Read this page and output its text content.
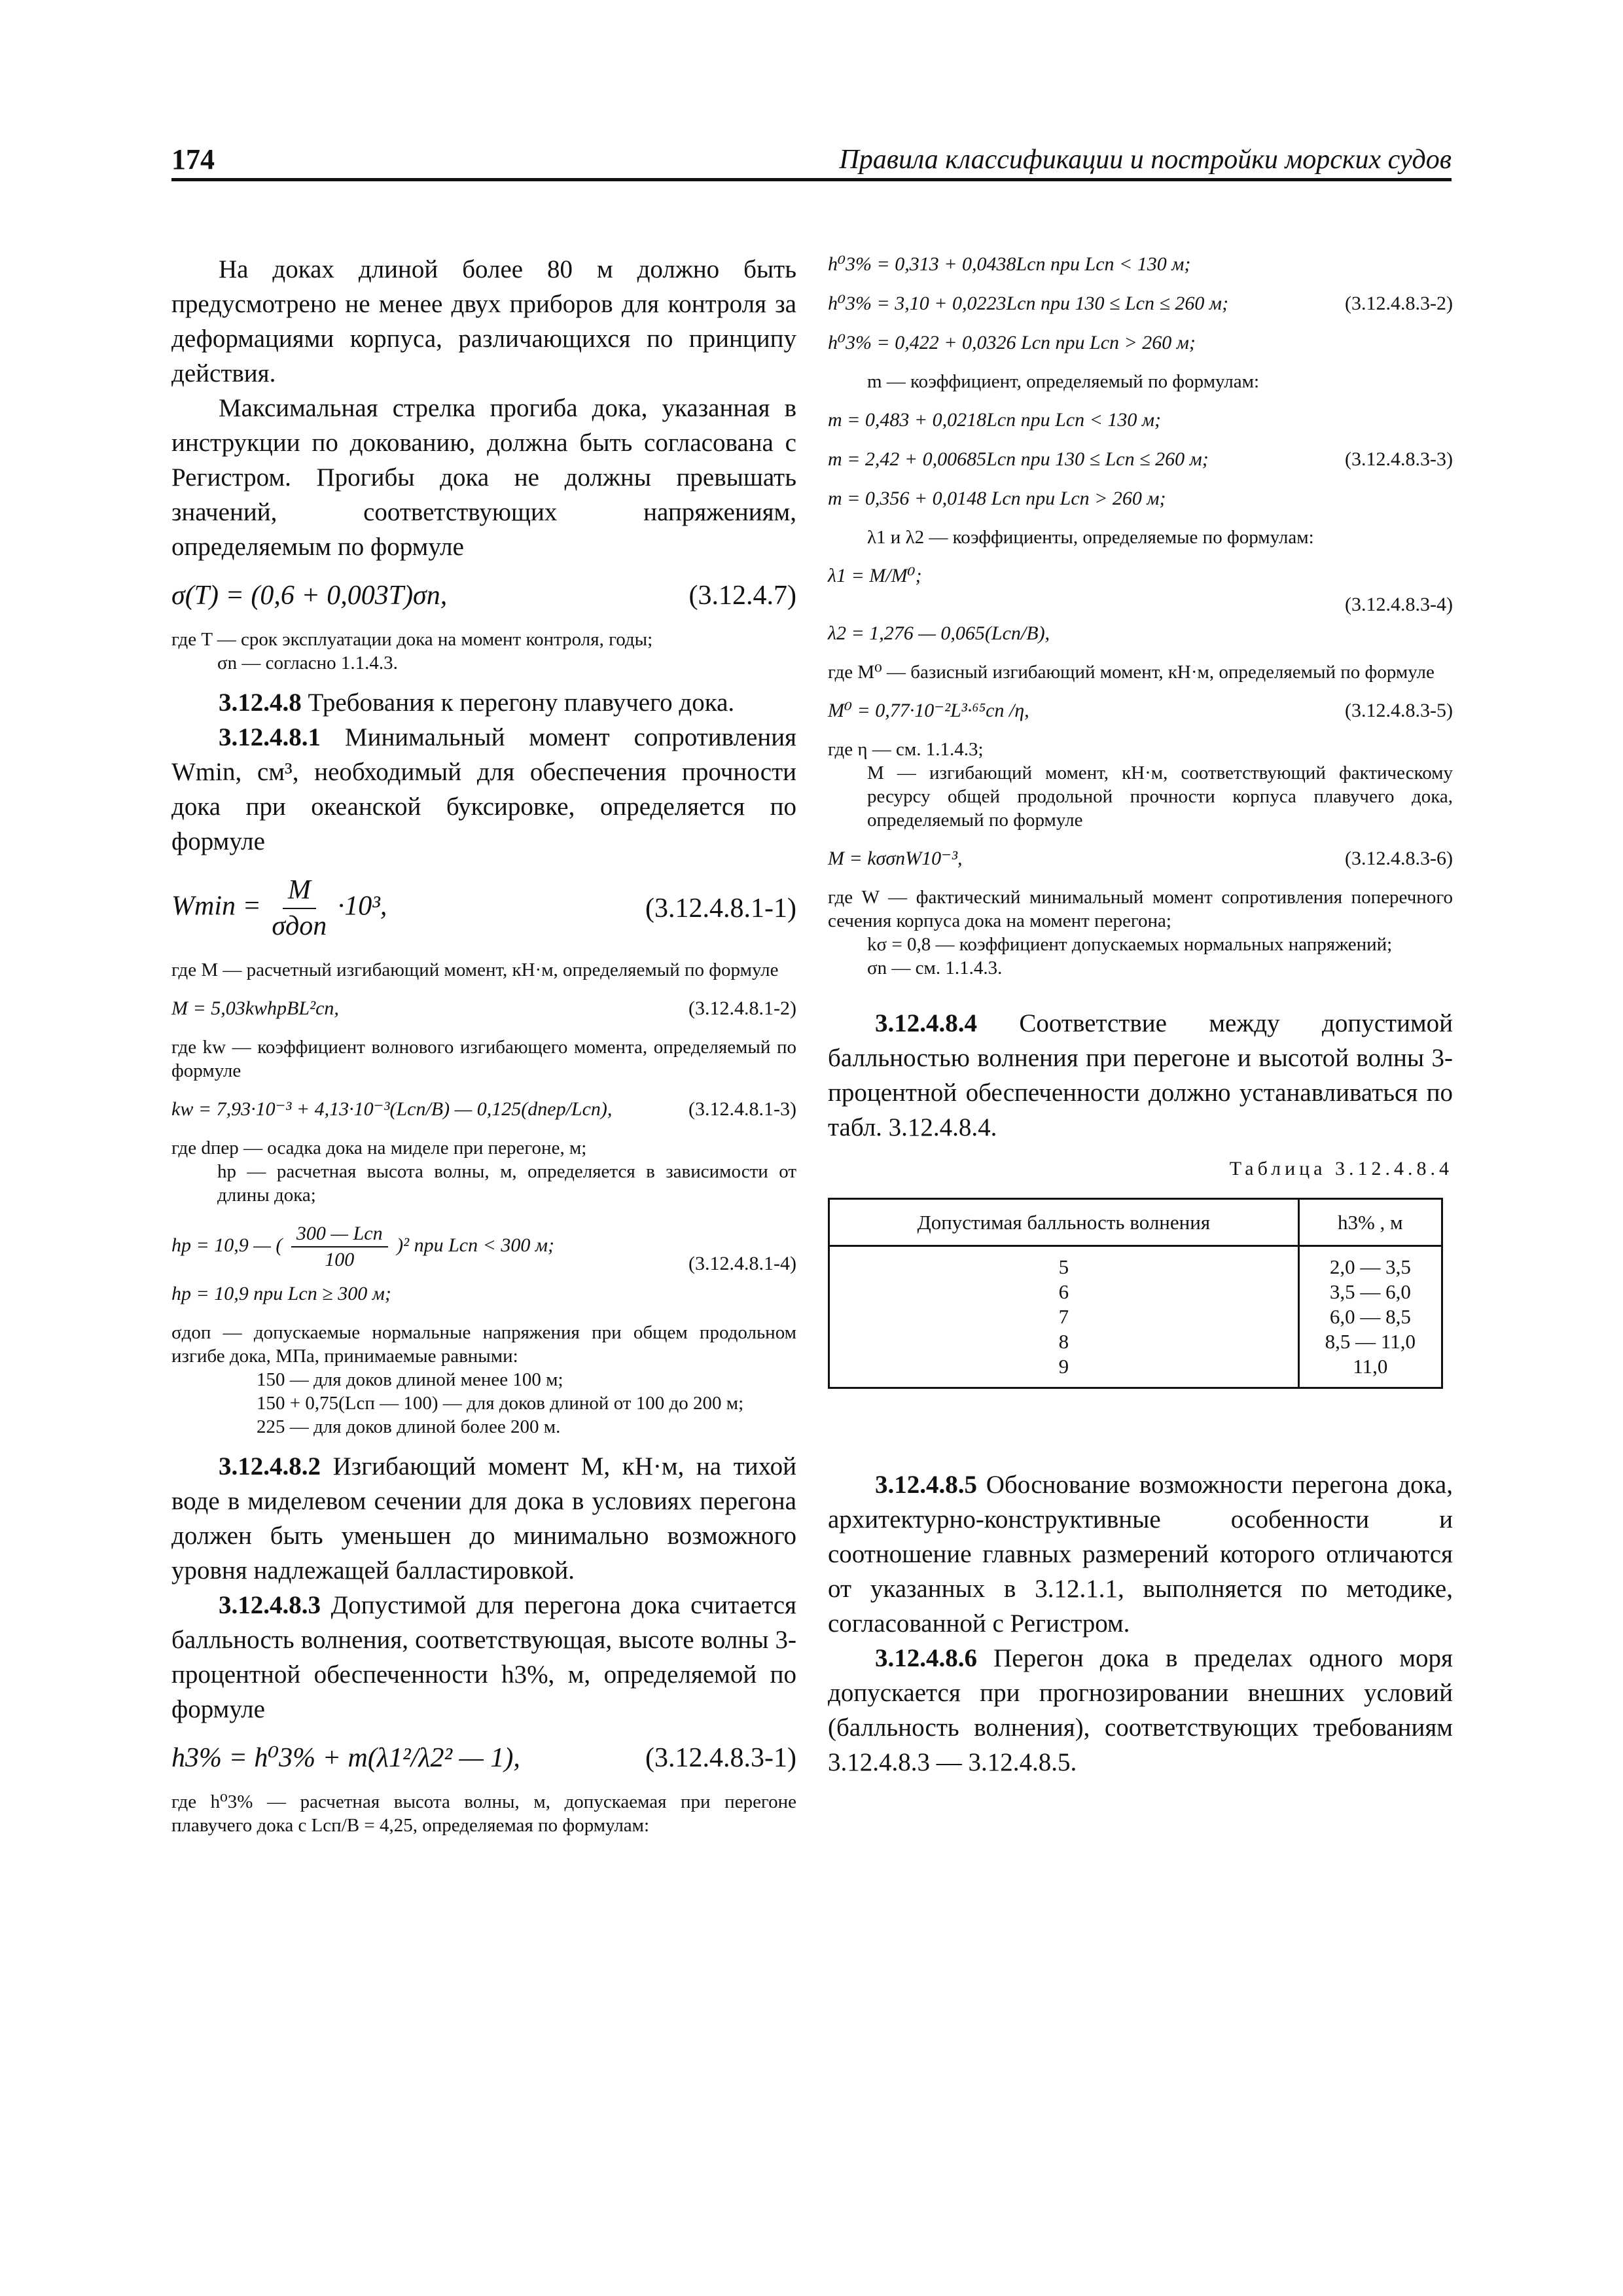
174	Правила классификации и постройки морских судов

На доках длиной более 80 м должно быть предусмотрено не менее двух приборов для контроля за деформациями корпуса, различающихся по принципу действия.

Максимальная стрелка прогиба дока, указанная в инструкции по докованию, должна быть согласована с Регистром. Прогибы дока не должны превышать значений, соответствующих напряжениям, определяемым по формуле

σ(T) = (0,6 + 0,003T)σn,	(3.12.4.7)
где T — срок эксплуатации дока на момент контроля, годы;
σn — согласно 1.1.4.3.

3.12.4.8 Требования к перегону плавучего дока.

3.12.4.8.1 Минимальный момент сопротивления Wmin, см³, необходимый для обеспечения прочности дока при океанской буксировке, определяется по формуле

$Wmin = \frac{M}{\text{σдоп}} \cdot 10^3$,	(3.12.4.8.1-1)
где M — расчетный изгибающий момент, кН·м, определяемый по формуле
M = 5,03kwhpBL²сп,	(3.12.4.8.1-2)
где kw — коэффициент волнового изгибающего момента, определяемый по формуле
kw = 7,93·10⁻³ + 4,13·10⁻³(Lсп/B) — 0,125(dпер/Lсп),	(3.12.4.8.1-3)
где dпер — осадка дока на миделе при перегоне, м;
hp — расчетная высота волны, м, определяется в зависимости от длины дока;
hp = 10,9 — ( $\frac{\text{300 — Lсп}}{100} )^2$ при Lсп < 300 м;
hp = 10,9 при Lсп ≥ 300 м;
(3.12.4.8.1-4)
σдоп — допускаемые нормальные напряжения при общем продольном изгибе дока, МПа, принимаемые равными:
150 — для доков длиной менее 100 м;
150 + 0,75(Lсп — 100) — для доков длиной от 100 до 200 м;
225 — для доков длиной более 200 м.

3.12.4.8.2 Изгибающий момент M, кН·м, на тихой воде в миделевом сечении для дока в условиях перегона должен быть уменьшен до минимально возможного уровня надлежащей балластировкой.

3.12.4.8.3 Допустимой для перегона дока считается балльность волнения, соответствующая, высоте волны 3-процентной обеспеченности h3%, м, определяемой по формуле

h3% = h⁰3% + m(λ1²/λ2² — 1),	(3.12.4.8.3-1)
где h⁰3% — расчетная высота волны, м, допускаемая при перегоне плавучего дока с Lсп/B = 4,25, определяемая по формулам:
h⁰3% = 0,313 + 0,0438Lсп при Lсп < 130 м;
h⁰3% = 3,10 + 0,0223Lсп при 130 ≤ Lсп ≤ 260 м;	(3.12.4.8.3-2)
h⁰3% = 0,422 + 0,0326 Lсп при Lсп > 260 м;
m — коэффициент, определяемый по формулам:
m = 0,483 + 0,0218Lсп при Lсп < 130 м;
m = 2,42 + 0,00685Lсп при 130 ≤ Lсп ≤ 260 м;	(3.12.4.8.3-3)
m = 0,356 + 0,0148 Lсп при Lсп > 260 м;
λ1 и λ2 — коэффициенты, определяемые по формулам:
λ1 = M/M⁰;
(3.12.4.8.3-4)
λ2 = 1,276 — 0,065(Lсп/B),
где M⁰ — базисный изгибающий момент, кН·м, определяемый по формуле
M⁰ = 0,77·10⁻²L³·⁶⁵сп /η,	(3.12.4.8.3-5)
где η — см. 1.1.4.3;
M — изгибающий момент, кН·м, соответствующий фактическому ресурсу общей продольной прочности корпуса плавучего дока, определяемый по формуле
M = kσσnW10⁻³,	(3.12.4.8.3-6)
где W — фактический минимальный момент сопротивления поперечного сечения корпуса дока на момент перегона;
kσ = 0,8 — коэффициент допускаемых нормальных напряжений;
σn — см. 1.1.4.3.

3.12.4.8.4 Соответствие между допустимой балльностью волнения при перегоне и высотой волны 3-процентной обеспеченности должно устанавливаться по табл. 3.12.4.8.4.

Таблица 3.12.4.8.4
Допустимая балльность волнения	h3% , м
5	2,0 — 3,5
6	3,5 — 6,0
7	6,0 — 8,5
8	8,5 — 11,0
9	11,0

3.12.4.8.5 Обоснование возможности перегона дока, архитектурно-конструктивные особенности и соотношение главных размерений которого отличаются от указанных в 3.12.1.1, выполняется по методике, согласованной с Регистром.

3.12.4.8.6 Перегон дока в пределах одного моря допускается при прогнозировании внешних условий (балльность волнения), соответствующих требованиям 3.12.4.8.3 — 3.12.4.8.5.
